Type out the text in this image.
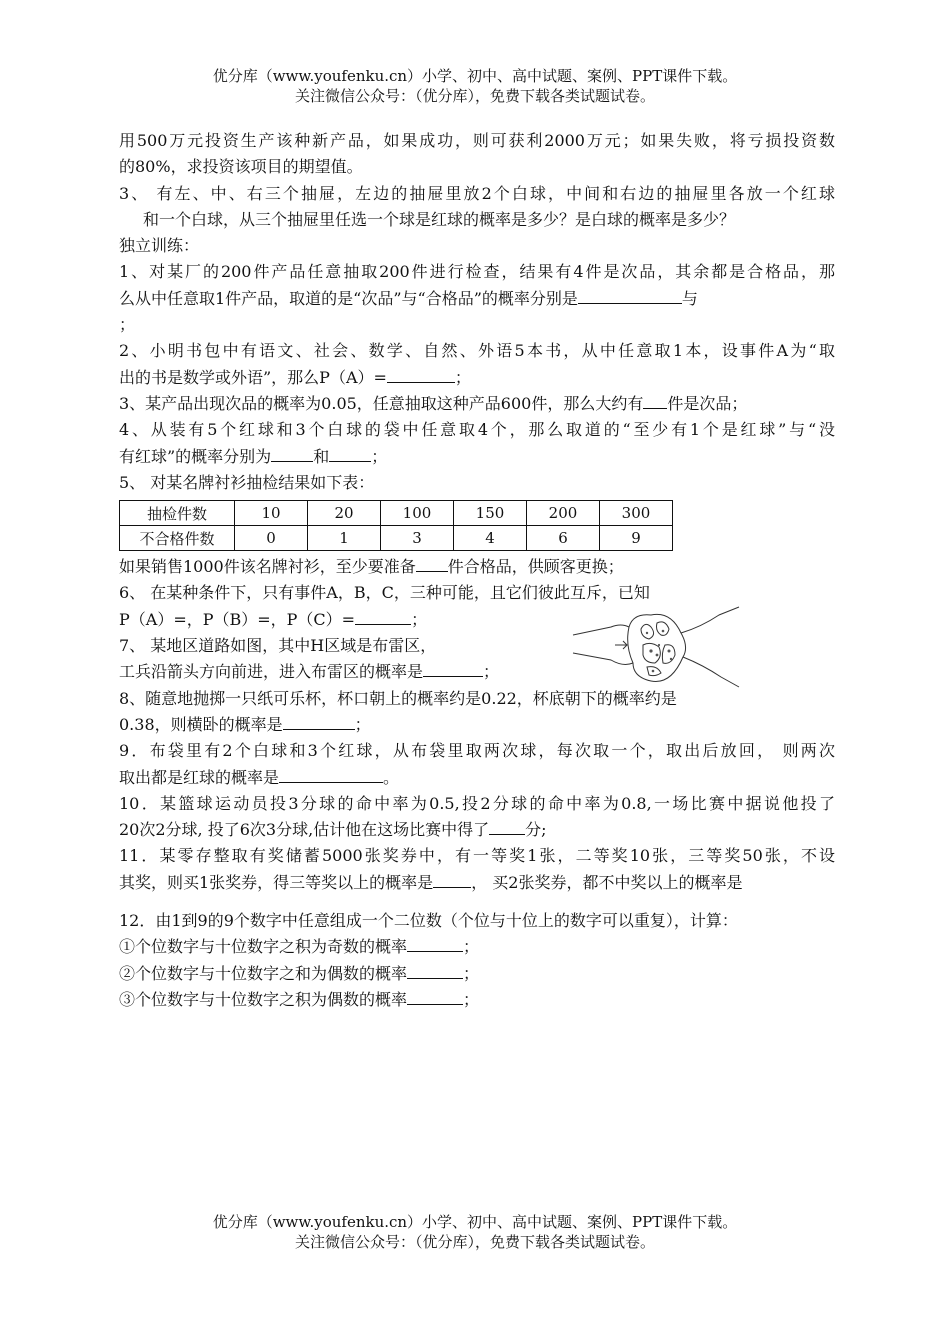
优分库（www.youfenku.cn）小学、初中、高中试题、案例、PPT课件下载。
关注微信公众号：（优分库），免费下载各类试题试卷。
用500万元投资生产该种新产品，如果成功，则可获利2000万元；如果失败，将亏损投资数
的80%，求投资该项目的期望值。
3、 有左、中、右三个抽屉，左边的抽屉里放2个白球，中间和右边的抽屉里各放一个红球
和一个白球，从三个抽屉里任选一个球是红球的概率是多少？是白球的概率是多少？
独立训练：
1、对某厂的200件产品任意抽取200件进行检查，结果有4件是次品，其余都是合格品，那
么从中任意取1件产品，取道的是“次品”与“合格品”的概率分别是	与
；
2、小明书包中有语文、社会、数学、自然、外语5本书，从中任意取1本，设事件A为“取
出的书是数学或外语”，那么P（A）=	；
3、某产品出现次品的概率为0.05，任意抽取这种产品600件，那么大约有 件是次品；
4、从装有5个红球和3个白球的袋中任意取4个，那么取道的“至少有1个是红球”与“没
有红球”的概率分别为	和	；
5、 对某名牌衬衫抽检结果如下表：
抽检件数	10	20	100	150	200	300
不合格件数	0	1	3	4	6	9
如果销售1000件该名牌衬衫，至少要准备 件合格品，供顾客更换；
6、 在某种条件下，只有事件A，B，C，三种可能，且它们彼此互斥，已知
P（A）=，P（B）=，P（C）=	；
7、 某地区道路如图，其中H区域是布雷区，
工兵沿箭头方向前进，进入布雷区的概率是	；
8、随意地抛掷一只纸可乐杯，杯口朝上的概率约是0.22，杯底朝下的概率约是
0.38，则横卧的概率是	；
9．布袋里有2个白球和3个红球，从布袋里取两次球，每次取一个，取出后放回， 则两次
取出都是红球的概率是	。
10．某篮球运动员投3分球的命中率为0.5,投2分球的命中率为0.8,一场比赛中据说他投了
20次2分球, 投了6次3分球,估计他在这场比赛中得了 分;
11．某零存整取有奖储蓄5000张奖券中，有一等奖1张，二等奖10张，三等奖50张，不设
其奖，则买1张奖券，得三等奖以上的概率是 ， 买2张奖券，都不中奖以上的概率是
12．由1到9的9个数字中任意组成一个二位数（个位与十位上的数字可以重复），计算：
①个位数字与十位数字之积为奇数的概率	；
②个位数字与十位数字之和为偶数的概率	；
③个位数字与十位数字之积为偶数的概率	；
优分库（www.youfenku.cn）小学、初中、高中试题、案例、PPT课件下载。
关注微信公众号：（优分库），免费下载各类试题试卷。
